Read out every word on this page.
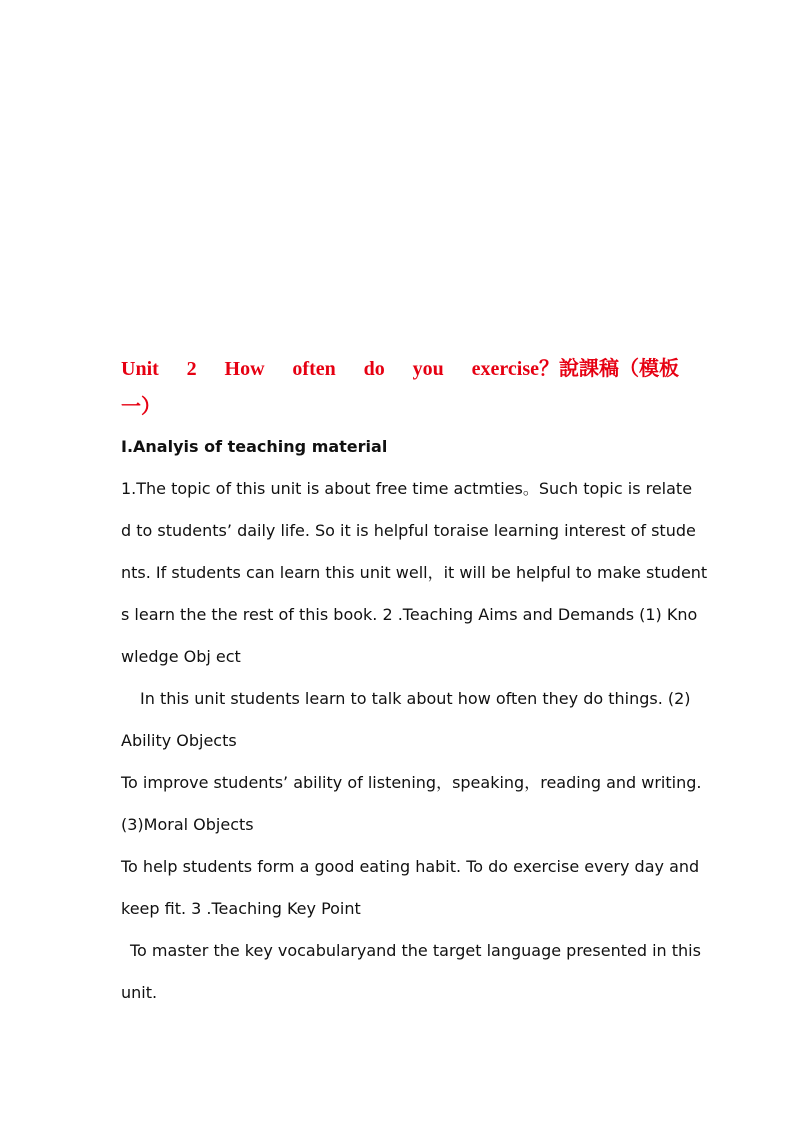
Unit 2 How often do you exercise？說課稿（模板
一）

Ⅰ.Analyis of teaching material

1.The topic of this unit is about free time actmties。Such topic is relate

d to students’ daily life. So it is helpful toraise learning interest of stude

nts. If students can learn this unit well，it will be helpful to make student

s learn the the rest of this book. 2 .Teaching Aims and Demands (1) Kno

wledge Obj ect

In this unit students learn to talk about how often they do things. (2)

Ability Objects

To improve students’ ability of listening，speaking，reading and writing.

(3)Moral Objects

To help students form a good eating habit. To do exercise every day and

keep fit. 3 .Teaching Key Point

To master the key vocabularyand the target language presented in this

unit.
